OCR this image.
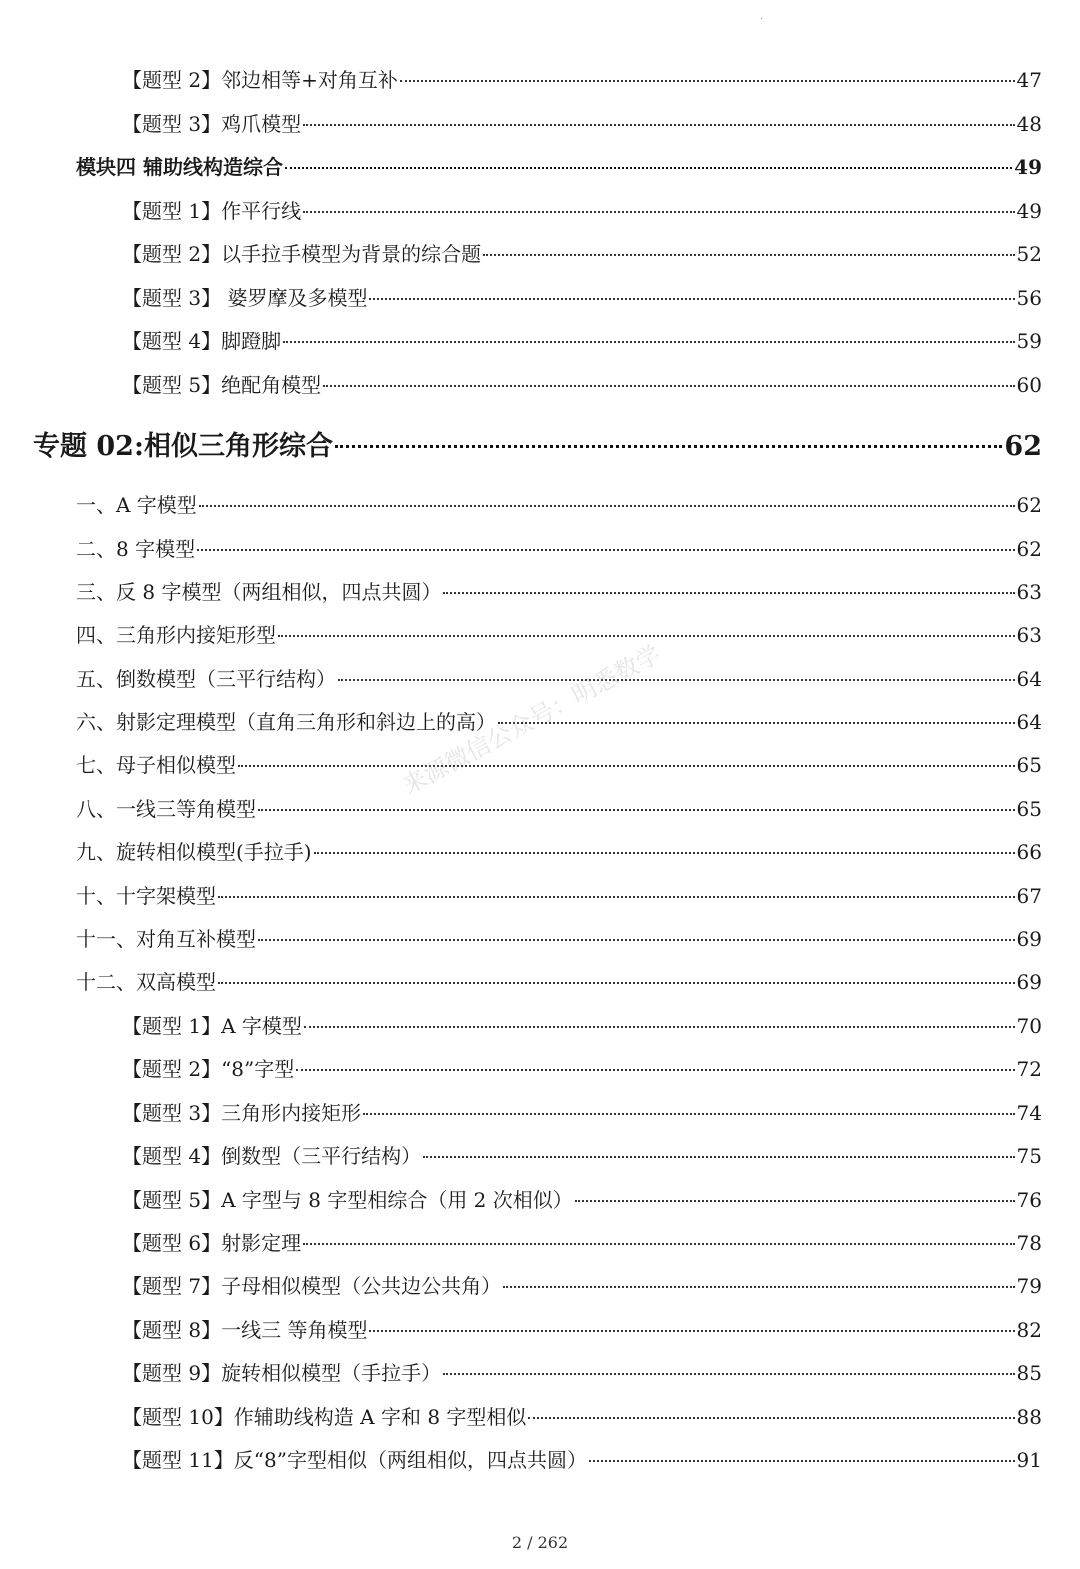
·
【题型 2】邻边相等+对角互补	47
【题型 3】鸡爪模型	48
模块四 辅助线构造综合	49
【题型 1】作平行线	49
【题型 2】以手拉手模型为背景的综合题	52
【题型 3】 婆罗摩及多模型	56
【题型 4】脚蹬脚	59
【题型 5】绝配角模型	60
专题 02:相似三角形综合	62
一、A 字模型	62
二、8 字模型	62
三、反 8 字模型（两组相似，四点共圆）	63
四、三角形内接矩形型	63
五、倒数模型（三平行结构）	64
六、射影定理模型（直角三角形和斜边上的高）	64
七、母子相似模型	65
八、一线三等角模型	65
九、旋转相似模型(手拉手)	66
十、十字架模型	67
十一、对角互补模型	69
十二、双高模型	69
【题型 1】A 字模型	70
【题型 2】“8”字型	72
【题型 3】三角形内接矩形	74
【题型 4】倒数型（三平行结构）	75
【题型 5】A 字型与 8 字型相综合（用 2 次相似）	76
【题型 6】射影定理	78
【题型 7】子母相似模型（公共边公共角）	79
【题型 8】一线三 等角模型	82
【题型 9】旋转相似模型（手拉手）	85
【题型 10】作辅助线构造 A 字和 8 字型相似	88
【题型 11】反“8”字型相似（两组相似，四点共圆）	91
来源微信公众号：明悉数学
2 / 262
